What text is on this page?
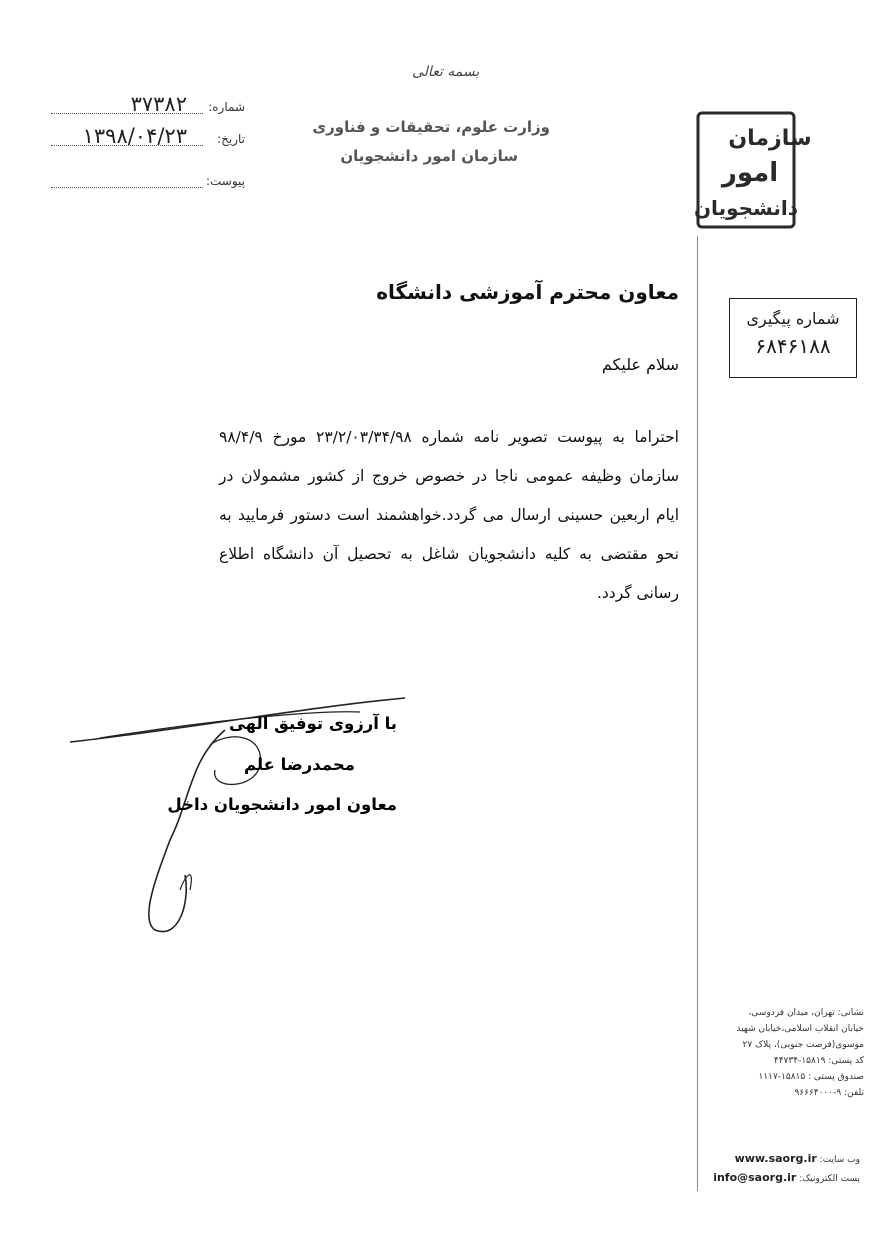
شماره:
۳۷۳۸۲
تاریخ:
۱۳۹۸/۰۴/۲۳
پیوست:
بسمه تعالی
وزارت علوم، تحقیقات و فناوری
سازمان امور دانشجویان
سازمان
امور
دانشجویان
شماره پیگیری
۶۸۴۶۱۸۸
معاون محترم آموزشی دانشگاه
سلام علیکم
احتراما به پیوست تصویر نامه شماره ۲۳/۲/۰۳/۳۴/۹۸ مورخ ۹۸/۴/۹ سازمان وظیفه عمومی ناجا در خصوص خروج از کشور مشمولان در ایام اربعین حسینی ارسال می گردد.خواهشمند است دستور فرمایید به نحو مقتضی به کلیه دانشجویان شاغل به تحصیل آن دانشگاه اطلاع رسانی گردد.
با آرزوی توفیق الهی
محمدرضا علم
معاون امور دانشجویان داخل
نشانی: تهران، میدان فردوسی،
خیابان انقلاب اسلامی،خیابان شهید
موسوی(فرصت جنوبی)، پلاک ۲۷
کد پستی: ۱۵۸۱۹-۴۴۷۳۴
صندوق پستی : ۱۵۸۱۵-۱۱۱۷
تلفن: ۹-۹۶۶۶۴۰۰۰
وب سایت: www.saorg.ir
پست الکترونیک: info@saorg.ir
